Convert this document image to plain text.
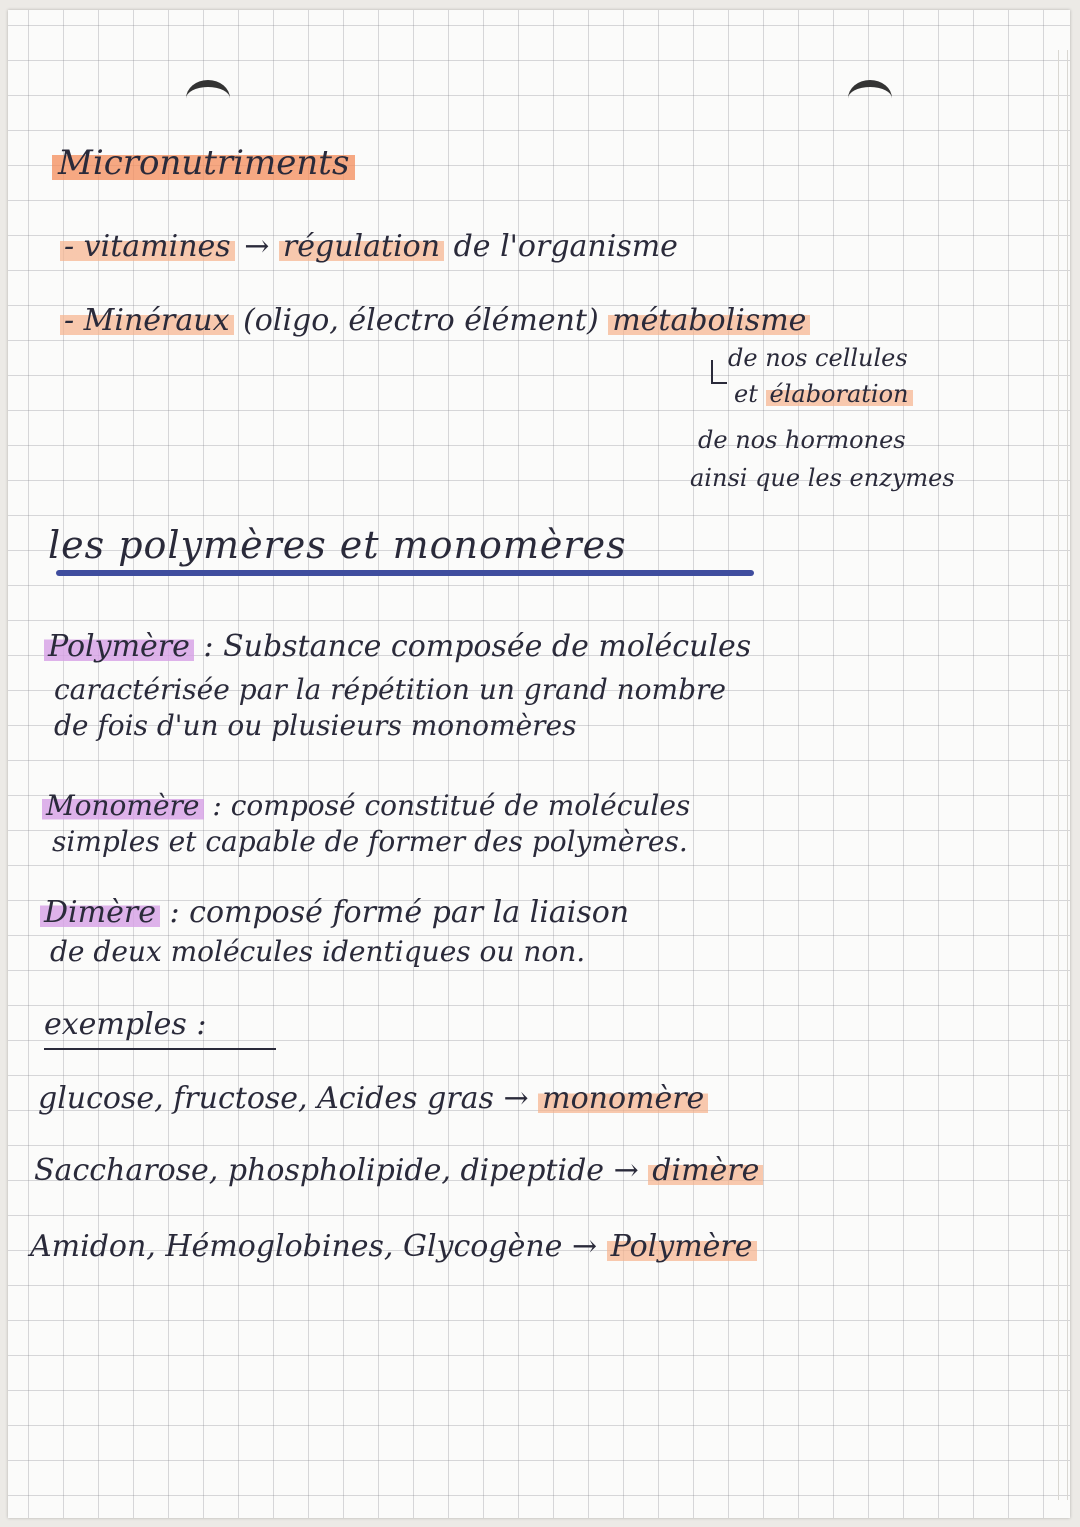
Micronutriments

- vitamines → régulation de l'organisme

- Minéraux (oligo, électro élément) métabolisme

de nos cellules

et élaboration

de nos hormones

ainsi que les enzymes

les polymères et monomères

Polymère : Substance composée de molécules

caractérisée par la répétition un grand nombre

de fois d'un ou plusieurs monomères

Monomère : composé constitué de molécules

simples et capable de former des polymères.

Dimère : composé formé par la liaison

de deux molécules identiques ou non.

exemples :

glucose, fructose, Acides gras → monomère

Saccharose, phospholipide, dipeptide → dimère

Amidon, Hémoglobines, Glycogène → Polymère
